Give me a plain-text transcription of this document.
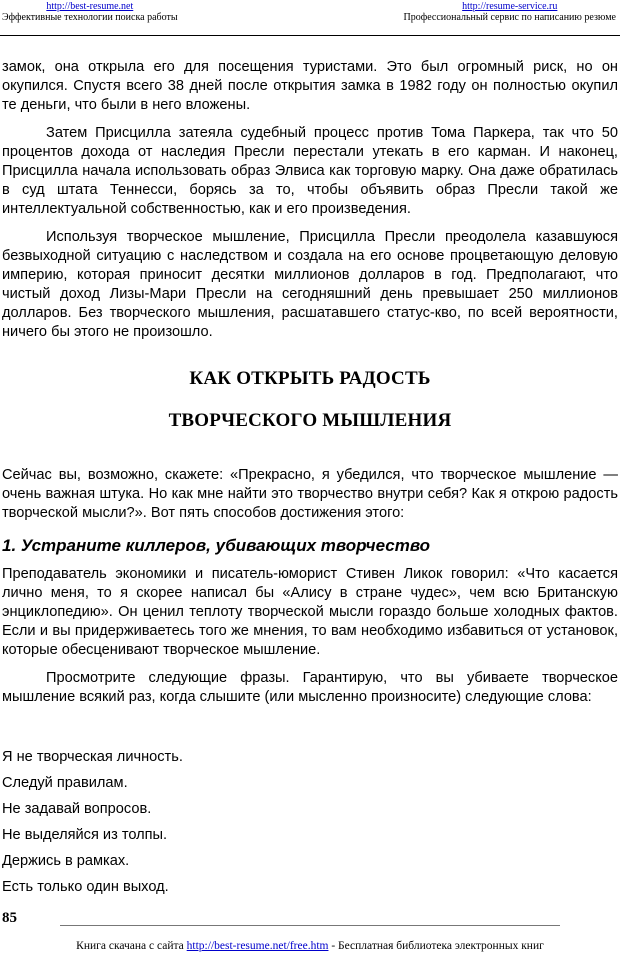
http://best-resume.net
Эффективные технологии поиска работы
http://resume-service.ru
Профессиональный сервис по написанию резюме

замок, она открыла его для посещения туристами. Это был огромный риск, но он окупился. Спустя всего 38 дней после открытия замка в 1982 году он полностью окупил те деньги, что были в него вложены.

Затем Присцилла затеяла судебный процесс против Тома Паркера, так что 50 процентов дохода от наследия Пресли перестали утекать в его карман. И наконец, Присцилла начала использовать образ Элвиса как торговую марку. Она даже обратилась в суд штата Теннесси, борясь за то, чтобы объявить образ Пресли такой же интеллектуальной собственностью, как и его произведения.

Используя творческое мышление, Присцилла Пресли преодолела казавшуюся безвыходной ситуацию с наследством и создала на его основе процветающую деловую империю, которая приносит десятки миллионов долларов в год. Предполагают, что чистый доход Лизы-Мари Пресли на сегодняшний день превышает 250 миллионов долларов. Без творческого мышления, расшатавшего статус-кво, по всей вероятности, ничего бы этого не произошло.

КАК ОТКРЫТЬ РАДОСТЬ
ТВОРЧЕСКОГО МЫШЛЕНИЯ

Сейчас вы, возможно, скажете: «Прекрасно, я убедился, что творческое мышление — очень важная штука. Но как мне найти это творчество внутри себя? Как я открою радость творческой мысли?». Вот пять способов достижения этого:

1. Устраните киллеров, убивающих творчество

Преподаватель экономики и писатель-юморист Стивен Ликок говорил: «Что касается лично меня, то я скорее написал бы «Алису в стране чудес», чем всю Британскую энциклопедию». Он ценил теплоту творческой мысли гораздо больше холодных фактов. Если и вы придерживаетесь того же мнения, то вам необходимо избавиться от установок, которые обесценивают творческое мышление.

Просмотрите следующие фразы. Гарантирую, что вы убиваете творческое мышление всякий раз, когда слышите (или мысленно произносите) следующие слова:

Я не творческая личность.
Следуй правилам.
Не задавай вопросов.
Не выделяйся из толпы.
Держись в рамках.
Есть только один выход.
85
Книга скачана с сайта http://best-resume.net/free.htm - Бесплатная библиотека электронных книг
